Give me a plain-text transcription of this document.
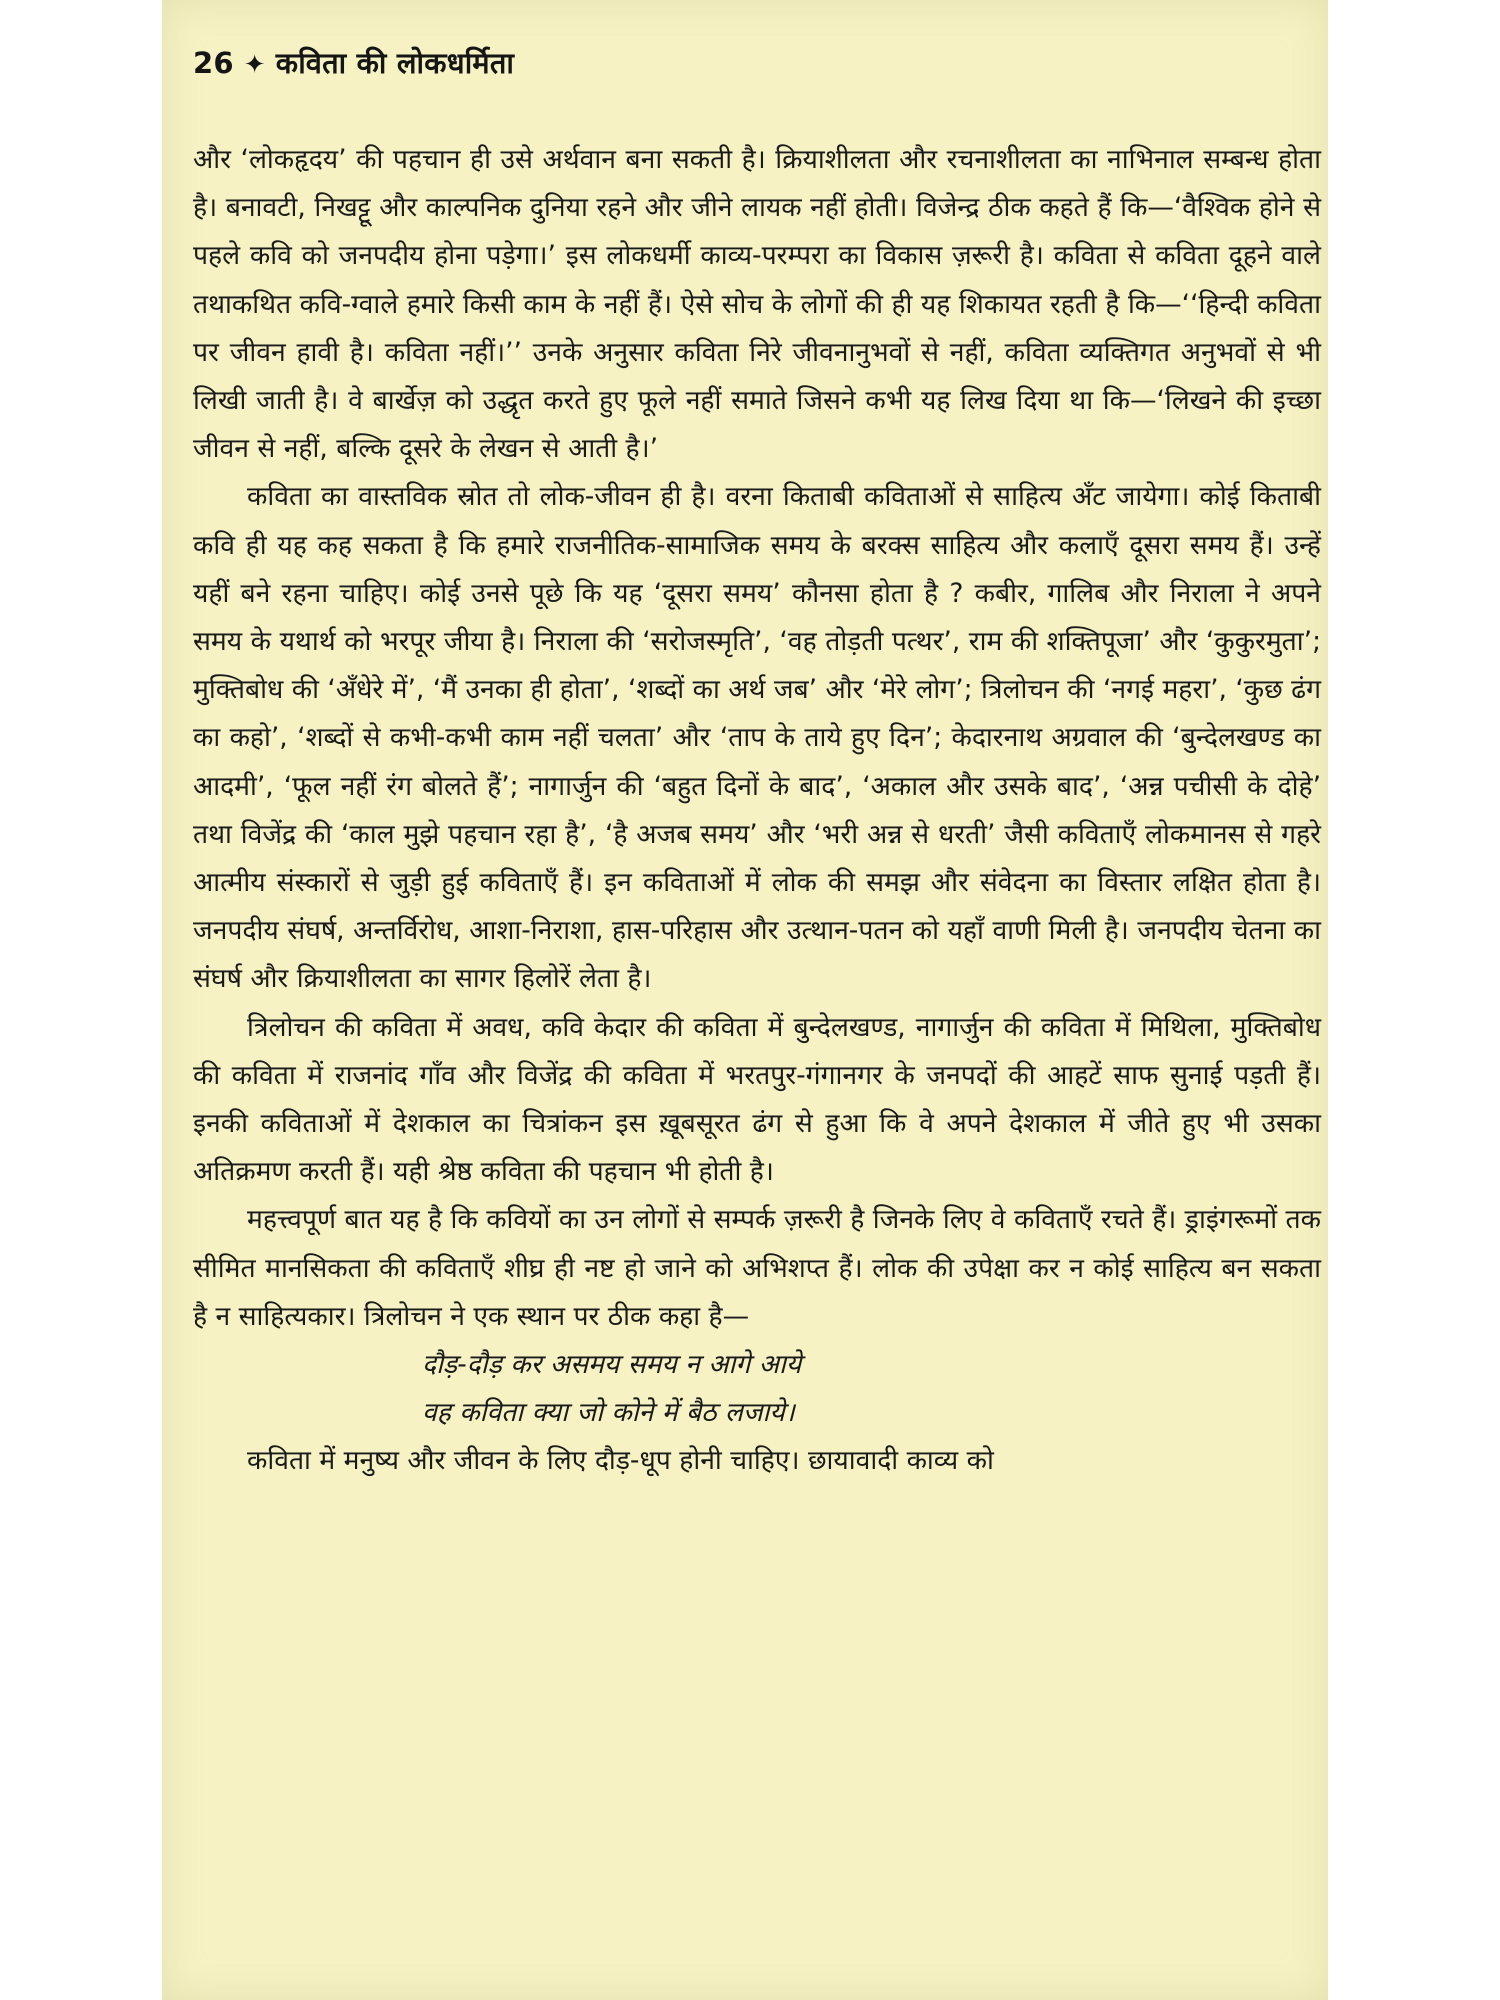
26 ✦ कविता की लोकधर्मिता

और ‘लोकहृदय’ की पहचान ही उसे अर्थवान बना सकती है। क्रियाशीलता और रचनाशीलता का नाभिनाल सम्बन्ध होता है। बनावटी, निखट्टू और काल्पनिक दुनिया रहने और जीने लायक नहीं होती। विजेन्द्र ठीक कहते हैं कि—‘वैश्विक होने से पहले कवि को जनपदीय होना पड़ेगा।’ इस लोकधर्मी काव्य-परम्परा का विकास ज़रूरी है। कविता से कविता दूहने वाले तथाकथित कवि-ग्वाले हमारे किसी काम के नहीं हैं। ऐसे सोच के लोगों की ही यह शिकायत रहती है कि—‘‘हिन्दी कविता पर जीवन हावी है। कविता नहीं।’’ उनके अनुसार कविता निरे जीवनानुभवों से नहीं, कविता व्यक्तिगत अनुभवों से भी लिखी जाती है। वे बार्खेज़ को उद्धृत करते हुए फूले नहीं समाते जिसने कभी यह लिख दिया था कि—‘लिखने की इच्छा जीवन से नहीं, बल्कि दूसरे के लेखन से आती है।’

कविता का वास्तविक स्रोत तो लोक-जीवन ही है। वरना किताबी कविताओं से साहित्य अँट जायेगा। कोई किताबी कवि ही यह कह सकता है कि हमारे राजनीतिक-सामाजिक समय के बरक्स साहित्य और कलाएँ दूसरा समय हैं। उन्हें यहीं बने रहना चाहिए। कोई उनसे पूछे कि यह ‘दूसरा समय’ कौनसा होता है ? कबीर, गालिब और निराला ने अपने समय के यथार्थ को भरपूर जीया है। निराला की ‘सरोजस्मृति’, ‘वह तोड़ती पत्थर’, राम की शक्तिपूजा’ और ‘कुकुरमुता’; मुक्तिबोध की ‘अँधेरे में’, ‘मैं उनका ही होता’, ‘शब्दों का अर्थ जब’ और ‘मेरे लोग’; त्रिलोचन की ‘नगई महरा’, ‘कुछ ढंग का कहो’, ‘शब्दों से कभी-कभी काम नहीं चलता’ और ‘ताप के ताये हुए दिन’; केदारनाथ अग्रवाल की ‘बुन्देलखण्ड का आदमी’, ‘फूल नहीं रंग बोलते हैं’; नागार्जुन की ‘बहुत दिनों के बाद’, ‘अकाल और उसके बाद’, ‘अन्न पचीसी के दोहे’ तथा विजेंद्र की ‘काल मुझे पहचान रहा है’, ‘है अजब समय’ और ‘भरी अन्न से धरती’ जैसी कविताएँ लोकमानस से गहरे आत्मीय संस्कारों से जुड़ी हुई कविताएँ हैं। इन कविताओं में लोक की समझ और संवेदना का विस्तार लक्षित होता है। जनपदीय संघर्ष, अन्तर्विरोध, आशा-निराशा, हास-परिहास और उत्थान-पतन को यहाँ वाणी मिली है। जनपदीय चेतना का संघर्ष और क्रियाशीलता का सागर हिलोरें लेता है।

त्रिलोचन की कविता में अवध, कवि केदार की कविता में बुन्देलखण्ड, नागार्जुन की कविता में मिथिला, मुक्तिबोध की कविता में राजनांद गाँव और विजेंद्र की कविता में भरतपुर-गंगानगर के जनपदों की आहटें साफ सुनाई पड़ती हैं। इनकी कविताओं में देशकाल का चित्रांकन इस ख़ूबसूरत ढंग से हुआ कि वे अपने देशकाल में जीते हुए भी उसका अतिक्रमण करती हैं। यही श्रेष्ठ कविता की पहचान भी होती है।

महत्त्वपूर्ण बात यह है कि कवियों का उन लोगों से सम्पर्क ज़रूरी है जिनके लिए वे कविताएँ रचते हैं। ड्राइंगरूमों तक सीमित मानसिकता की कविताएँ शीघ्र ही नष्ट हो जाने को अभिशप्त हैं। लोक की उपेक्षा कर न कोई साहित्य बन सकता है न साहित्यकार। त्रिलोचन ने एक स्थान पर ठीक कहा है—

दौड़-दौड़ कर असमय समय न आगे आये

वह कविता क्या जो कोने में बैठ लजाये।

कविता में मनुष्य और जीवन के लिए दौड़-धूप होनी चाहिए। छायावादी काव्य को
